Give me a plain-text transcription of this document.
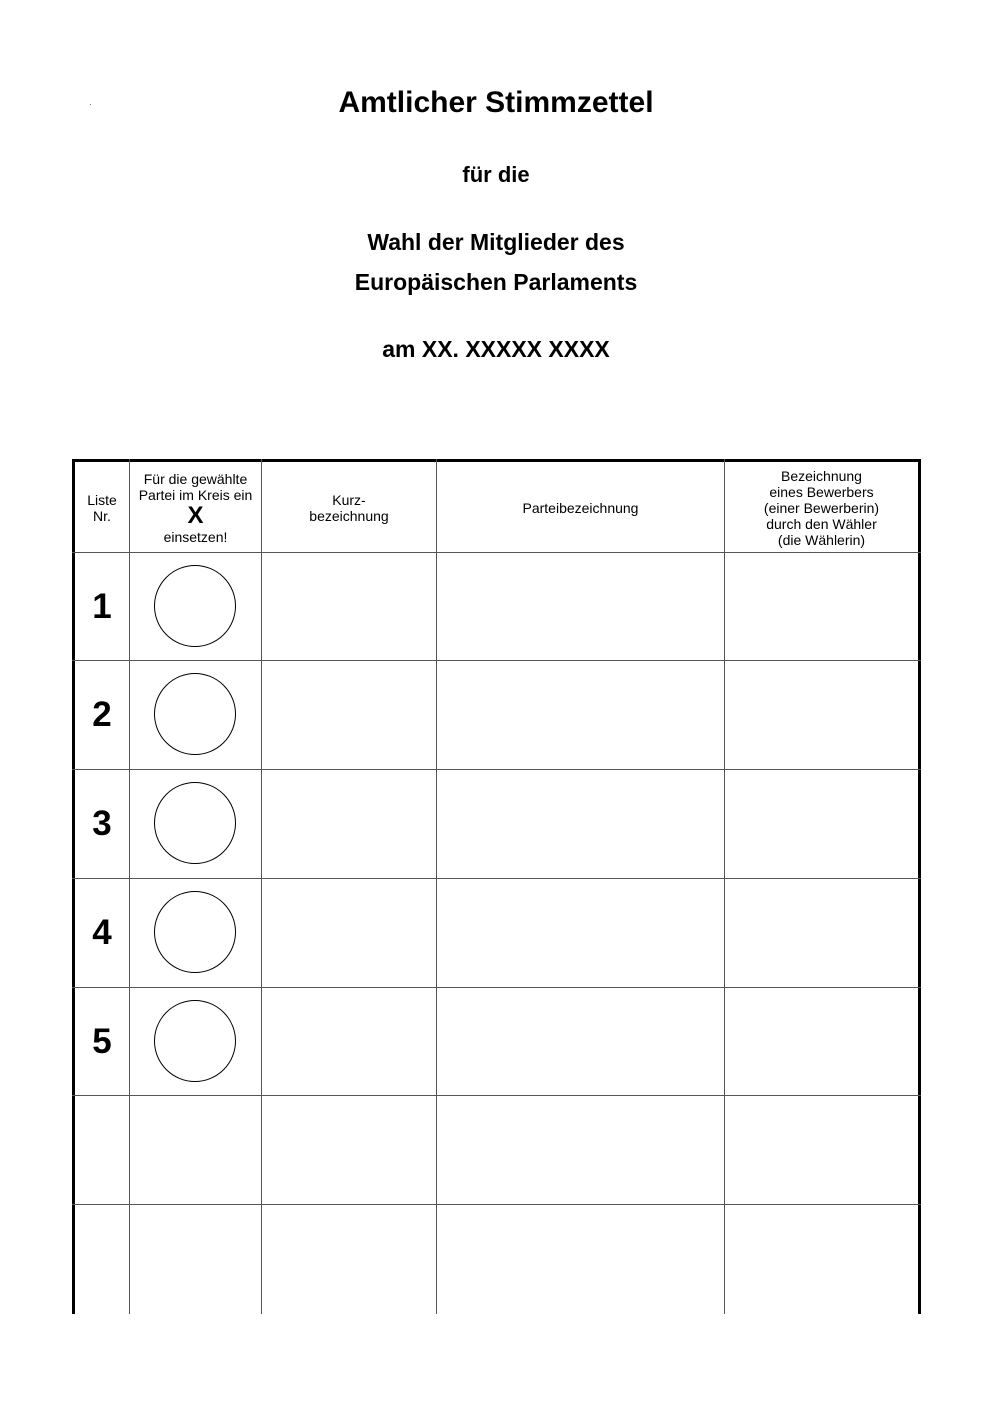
Amtlicher Stimmzettel
für die
Wahl der Mitglieder des
Europäischen Parlaments
am XX. XXXXX XXXX
Liste
Nr.
Für die gewählte
Partei im Kreis ein
X
einsetzen!
Kurz-
bezeichnung	Parteibezeichnung
Bezeichnung
eines Bewerbers
(einer Bewerberin)
durch den Wähler
(die Wählerin)
1
2
3
4
5
